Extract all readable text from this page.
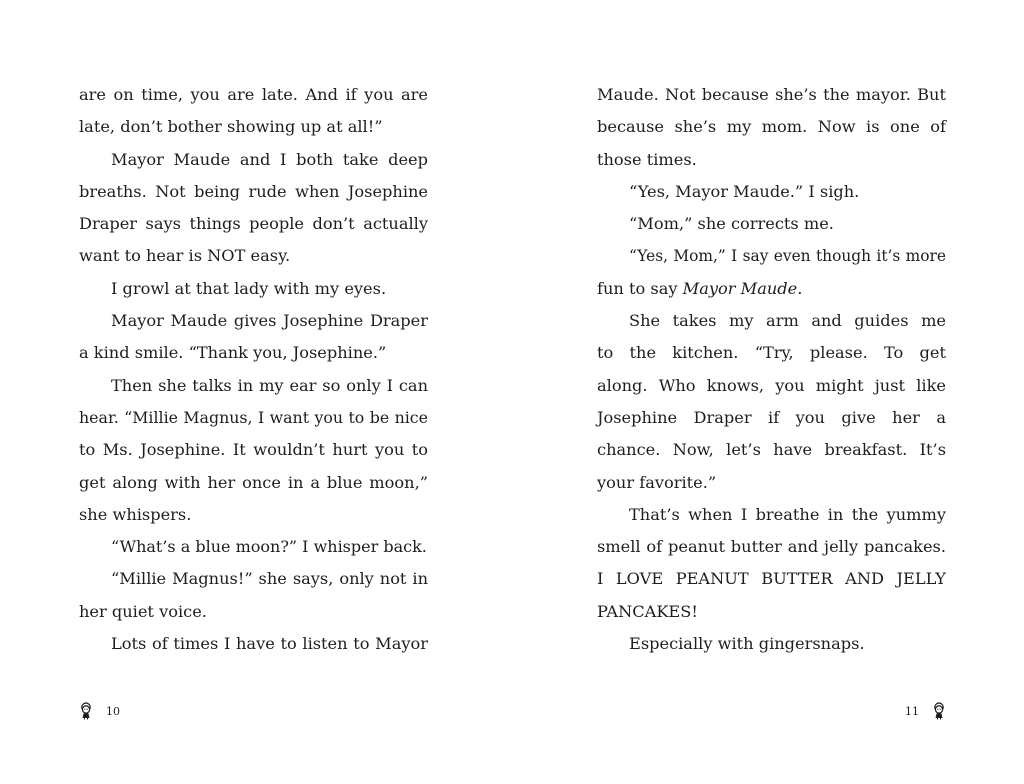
are on time, you are late. And if you are
late, don’t bother showing up at all!”
Mayor Maude and I both take deep
breaths. Not being rude when Josephine
Draper says things people don’t actually
want to hear is NOT easy.
I growl at that lady with my eyes.
Mayor Maude gives Josephine Draper
a kind smile. “Thank you, Josephine.”
Then she talks in my ear so only I can
hear. “Millie Magnus, I want you to be nice
to Ms. Josephine. It wouldn’t hurt you to
get along with her once in a blue moon,”
she whispers.
“What’s a blue moon?” I whisper back.
“Millie Magnus!” she says, only not in
her quiet voice.
Lots of times I have to listen to Mayor
10
Maude. Not because she’s the mayor. But
because she’s my mom. Now is one of
those times.
“Yes, Mayor Maude.” I sigh.
“Mom,” she corrects me.
“Yes, Mom,” I say even though it’s more
fun to say Mayor Maude.
She takes my arm and guides me
to the kitchen. “Try, please. To get
along. Who knows, you might just like
Josephine Draper if you give her a
chance. Now, let’s have breakfast. It’s
your favorite.”
That’s when I breathe in the yummy
smell of peanut butter and jelly pancakes.
I LOVE PEANUT BUTTER AND JELLY
PANCAKES!
Especially with gingersnaps.
11
